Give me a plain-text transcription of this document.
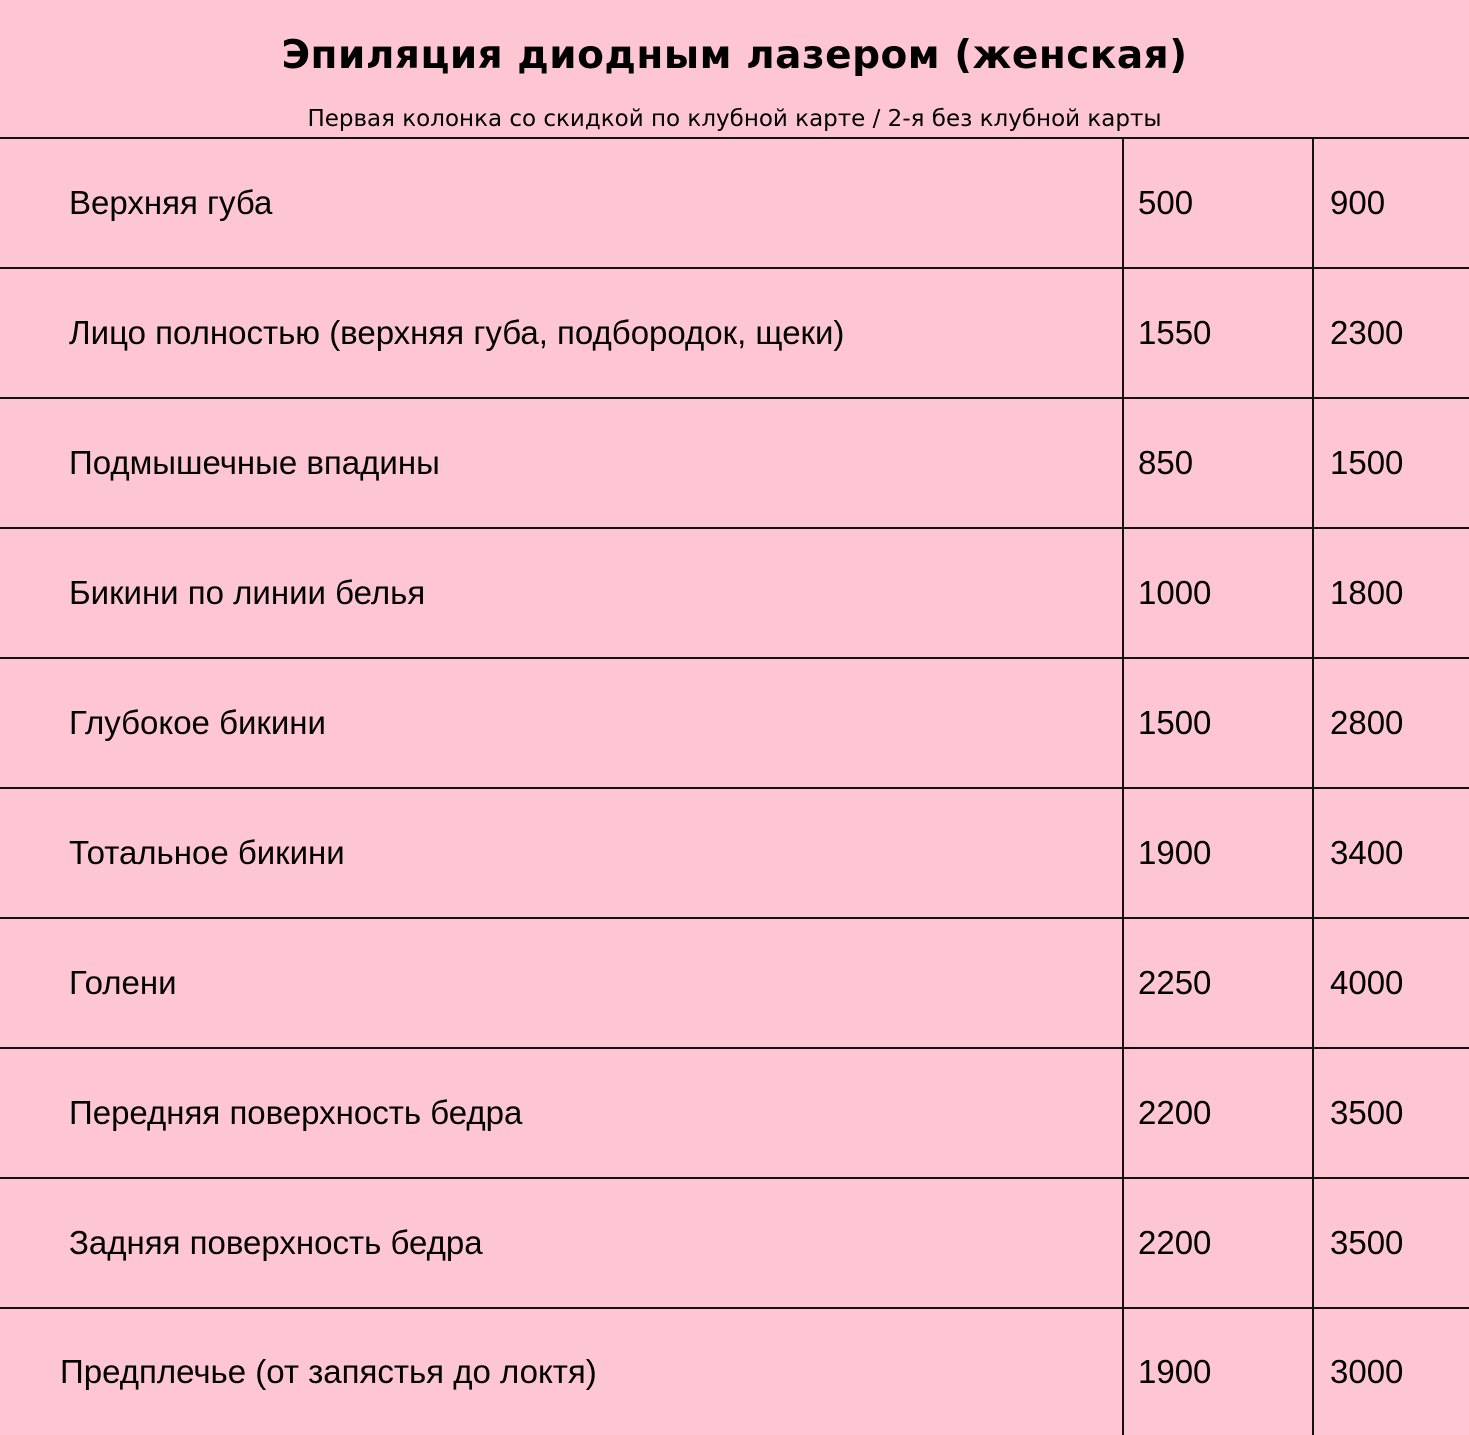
Эпиляция диодным лазером (женская)
Первая колонка со скидкой по клубной карте / 2-я без клубной карты
Верхняя губа	500	900
Лицо полностью (верхняя губа, подбородок, щеки)	1550	2300
Подмышечные впадины	850	1500
Бикини по линии белья	1000	1800
Глубокое бикини	1500	2800
Тотальное бикини	1900	3400
Голени	2250	4000
Передняя поверхность бедра	2200	3500
Задняя поверхность бедра	2200	3500
Предплечье (от запястья до локтя)	1900	3000
